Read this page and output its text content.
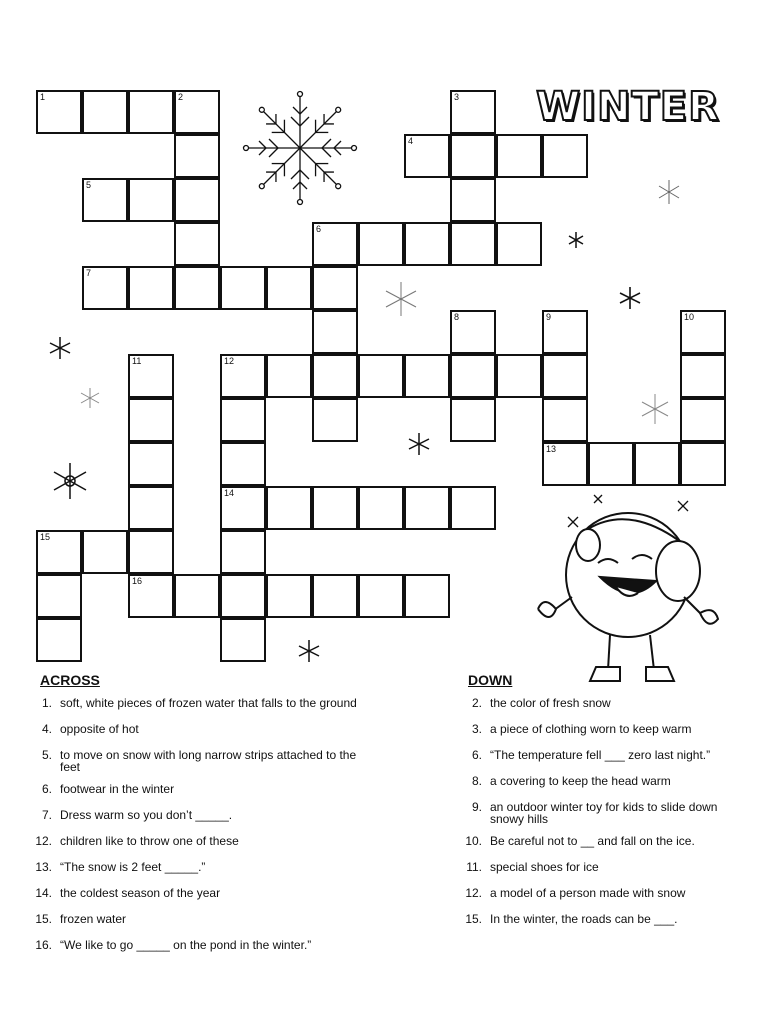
WINTER
1	2	3
4
5
6
7
8	9	10
11	12
13
14
15
16
ACROSS
1. soft, white pieces of frozen water that falls to the ground
4. opposite of hot
5. to move on snow with long narrow strips attached to the feet
6. footwear in the winter
7. Dress warm so you don’t _____.
12. children like to throw one of these
13. “The snow is 2 feet _____.”
14. the coldest season of the year
15. frozen water
16. “We like to go _____ on the pond in the winter.”
DOWN
2. the color of fresh snow
3. a piece of clothing worn to keep warm
6. “The temperature fell ___ zero last night.”
8. a covering to keep the head warm
9. an outdoor winter toy for kids to slide down snowy hills
10. Be careful not to __ and fall on the ice.
11. special shoes for ice
12. a model of a person made with snow
15. In the winter, the roads can be ___.
